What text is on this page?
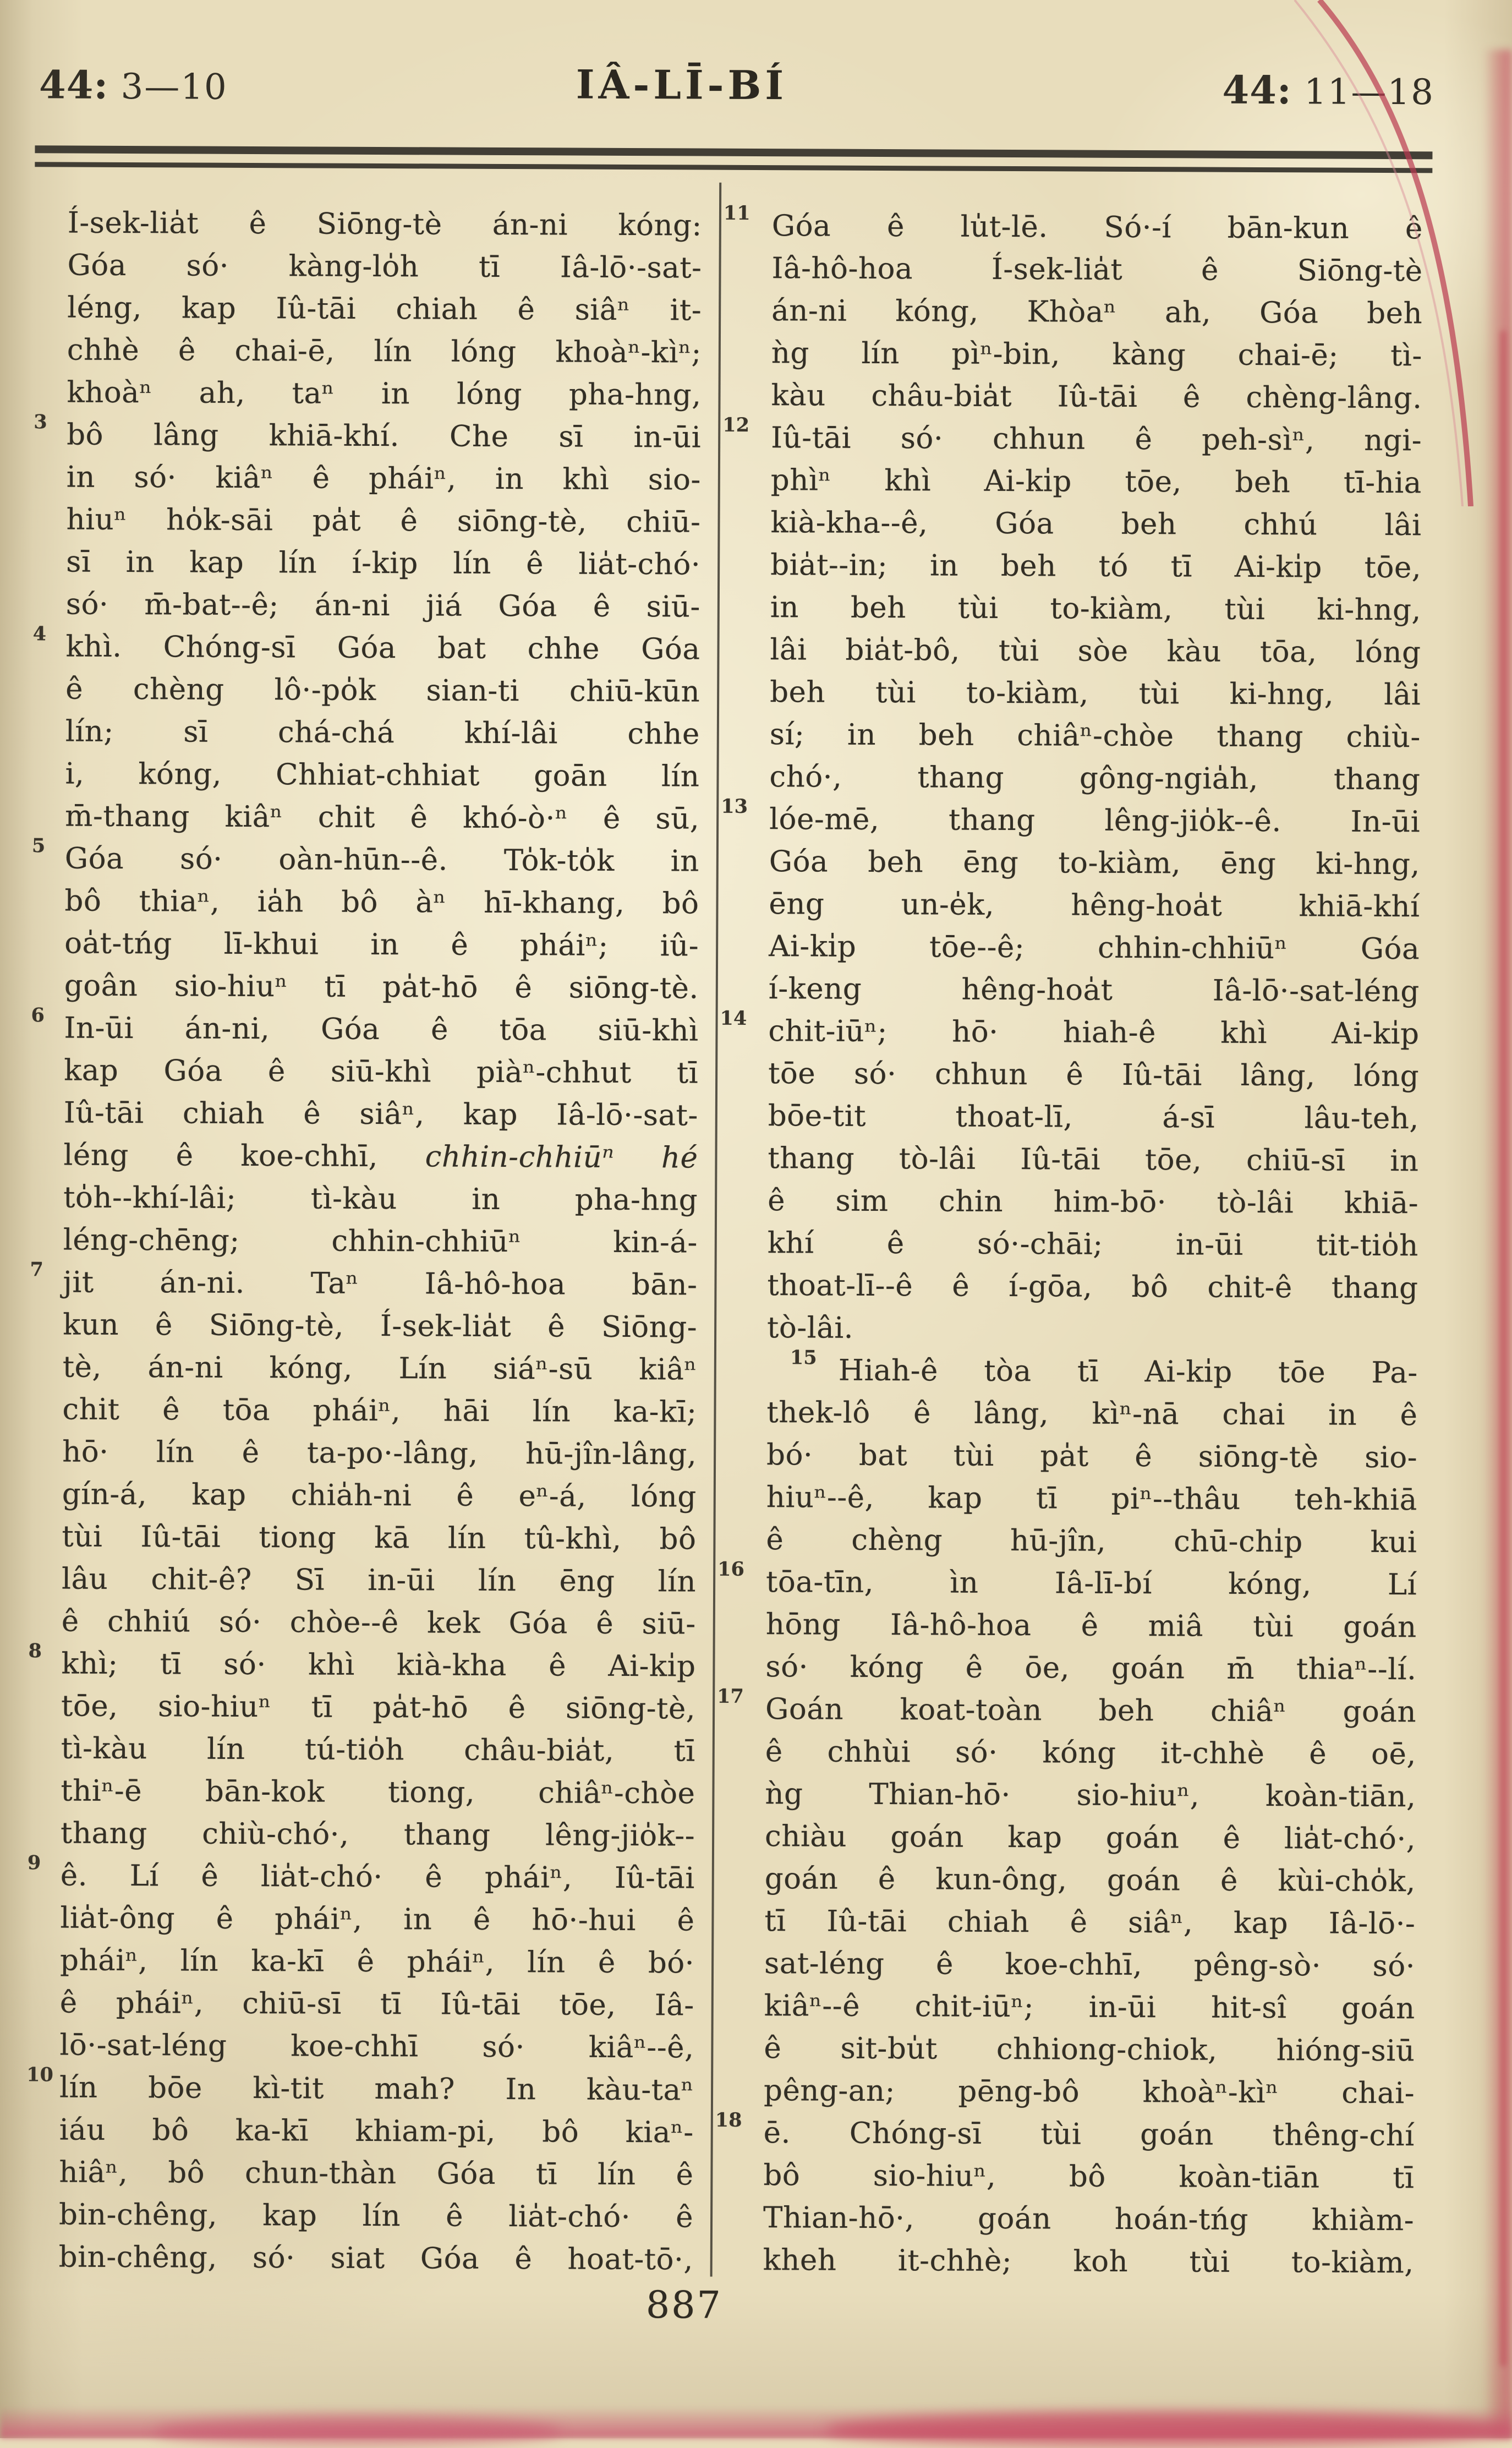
44: 3—10	IÂ-LĪ-BÍ	44: 11—18
Í-sek-lia̍t ê Siōng-tè án-ni kóng:
Góa só· kàng-lo̍h tī Iâ-lō·-sat-
léng, kap Iû-tāi chiah ê siâⁿ it-
chhè ê chai-ē, lín lóng khoàⁿ-kìⁿ;
khoàⁿ ah, taⁿ in lóng pha-hng,
3 bô lâng khiā-khí. Che sī in-ūi
in só· kiâⁿ ê pháiⁿ, in khì sio-
hiuⁿ ho̍k-sāi pa̍t ê siōng-tè, chiū-
sī in kap lín í-kip lín ê lia̍t-chó·
só· m̄-bat--ê; án-ni jiá Góa ê siū-
4 khì. Chóng-sī Góa bat chhe Góa
ê chèng lô·-po̍k sian-ti chiū-kūn
lín; sī chá-chá khí-lâi chhe
i, kóng, Chhiat-chhiat goān lín
m̄-thang kiâⁿ chit ê khó-ò·ⁿ ê sū,
5 Góa só· oàn-hūn--ê. To̍k-to̍k in
bô thiaⁿ, ia̍h bô àⁿ hī-khang, bô
oa̍t-tńg lī-khui in ê pháiⁿ; iû-
goân sio-hiuⁿ tī pa̍t-hō ê siōng-tè.
6 In-ūi án-ni, Góa ê tōa siū-khì
kap Góa ê siū-khì piàⁿ-chhut tī
Iû-tāi chiah ê siâⁿ, kap Iâ-lō·-sat-
léng ê koe-chhī, chhin-chhiūⁿ hé
to̍h--khí-lâi; tì-kàu in pha-hng
léng-chēng; chhin-chhiūⁿ kin-á-
7 jit án-ni. Taⁿ Iâ-hô-hoa bān-
kun ê Siōng-tè, Í-sek-lia̍t ê Siōng-
tè, án-ni kóng, Lín siáⁿ-sū kiâⁿ
chit ê tōa pháiⁿ, hāi lín ka-kī;
hō· lín ê ta-po·-lâng, hū-jîn-lâng,
gín-á, kap chia̍h-ni ê eⁿ-á, lóng
tùi Iû-tāi tiong kā lín tû-khì, bô
lâu chit-ê? Sī in-ūi lín ēng lín
ê chhiú só· chòe--ê kek Góa ê siū-
8 khì; tī só· khì kià-kha ê Ai-ki̍p
tōe, sio-hiuⁿ tī pa̍t-hō ê siōng-tè,
tì-kàu lín tú-tio̍h châu-bia̍t, tī
thiⁿ-ē bān-kok tiong, chiâⁿ-chòe
thang chiù-chó·, thang lêng-jio̍k--
9 ê. Lí ê lia̍t-chó· ê pháiⁿ, Iû-tāi
lia̍t-ông ê pháiⁿ, in ê hō·-hui ê
pháiⁿ, lín ka-kī ê pháiⁿ, lín ê bó·
ê pháiⁿ, chiū-sī tī Iû-tāi tōe, Iâ-
lō·-sat-léng koe-chhī só· kiâⁿ--ê,
10 lín bōe kì-tit mah? In kàu-taⁿ
iáu bô ka-kī khiam-pi, bô kiaⁿ-
hiâⁿ, bô chun-thàn Góa tī lín ê
bin-chêng, kap lín ê lia̍t-chó· ê
bin-chêng, só· siat Góa ê hoat-tō·,
11 Góa ê lu̍t-lē. Só·-í bān-kun ê
Iâ-hô-hoa Í-sek-lia̍t ê Siōng-tè
án-ni kóng, Khòaⁿ ah, Góa beh
ǹg lín pìⁿ-bin, kàng chai-ē; tì-
kàu châu-bia̍t Iû-tāi ê chèng-lâng.
12 Iû-tāi só· chhun ê peh-sìⁿ, ngi-
phìⁿ khì Ai-ki̍p tōe, beh tī-hia
kià-kha--ê, Góa beh chhú lâi
bia̍t--in; in beh tó tī Ai-ki̍p tōe,
in beh tùi to-kiàm, tùi ki-hng,
lâi bia̍t-bô, tùi sòe kàu tōa, lóng
beh tùi to-kiàm, tùi ki-hng, lâi
sí; in beh chiâⁿ-chòe thang chiù-
chó·, thang gông-ngia̍h, thang
13 lóe-mē, thang lêng-jio̍k--ê. In-ūi
Góa beh ēng to-kiàm, ēng ki-hng,
ēng un-e̍k, hêng-hoa̍t khiā-khí
Ai-ki̍p tōe--ê; chhin-chhiūⁿ Góa
í-keng hêng-hoa̍t Iâ-lō·-sat-léng
14 chit-iūⁿ; hō· hiah-ê khì Ai-ki̍p
tōe só· chhun ê Iû-tāi lâng, lóng
bōe-tit thoat-lī, á-sī lâu-teh,
thang tò-lâi Iû-tāi tōe, chiū-sī in
ê sim chin him-bō· tò-lâi khiā-
khí ê só·-chāi; in-ūi tit-tio̍h
thoat-lī--ê ê í-gōa, bô chit-ê thang
tò-lâi.
15 Hiah-ê tòa tī Ai-ki̍p tōe Pa-
thek-lô ê lâng, kìⁿ-nā chai in ê
bó· bat tùi pa̍t ê siōng-tè sio-
hiuⁿ--ê, kap tī piⁿ--thâu teh-khiā
ê chèng hū-jîn, chū-chi̍p kui
16 tōa-tīn, ìn Iâ-lī-bí kóng, Lí
hōng Iâ-hô-hoa ê miâ tùi goán
só· kóng ê ōe, goán m̄ thiaⁿ--lí.
17 Goán koat-toàn beh chiâⁿ goán
ê chhùi só· kóng it-chhè ê oē,
ǹg Thian-hō· sio-hiuⁿ, koàn-tiān,
chiàu goán kap goán ê lia̍t-chó·,
goán ê kun-ông, goán ê kùi-cho̍k,
tī Iû-tāi chiah ê siâⁿ, kap Iâ-lō·-
sat-léng ê koe-chhī, pêng-sò· só·
kiâⁿ--ê chit-iūⁿ; in-ūi hit-sî goán
ê sit-bu̍t chhiong-chiok, hióng-siū
pêng-an; pēng-bô khoàⁿ-kìⁿ chai-
18 ē. Chóng-sī tùi goán thêng-chí
bô sio-hiuⁿ, bô koàn-tiān tī
Thian-hō·, goán hoán-tńg khiàm-
kheh it-chhè; koh tùi to-kiàm,
887
